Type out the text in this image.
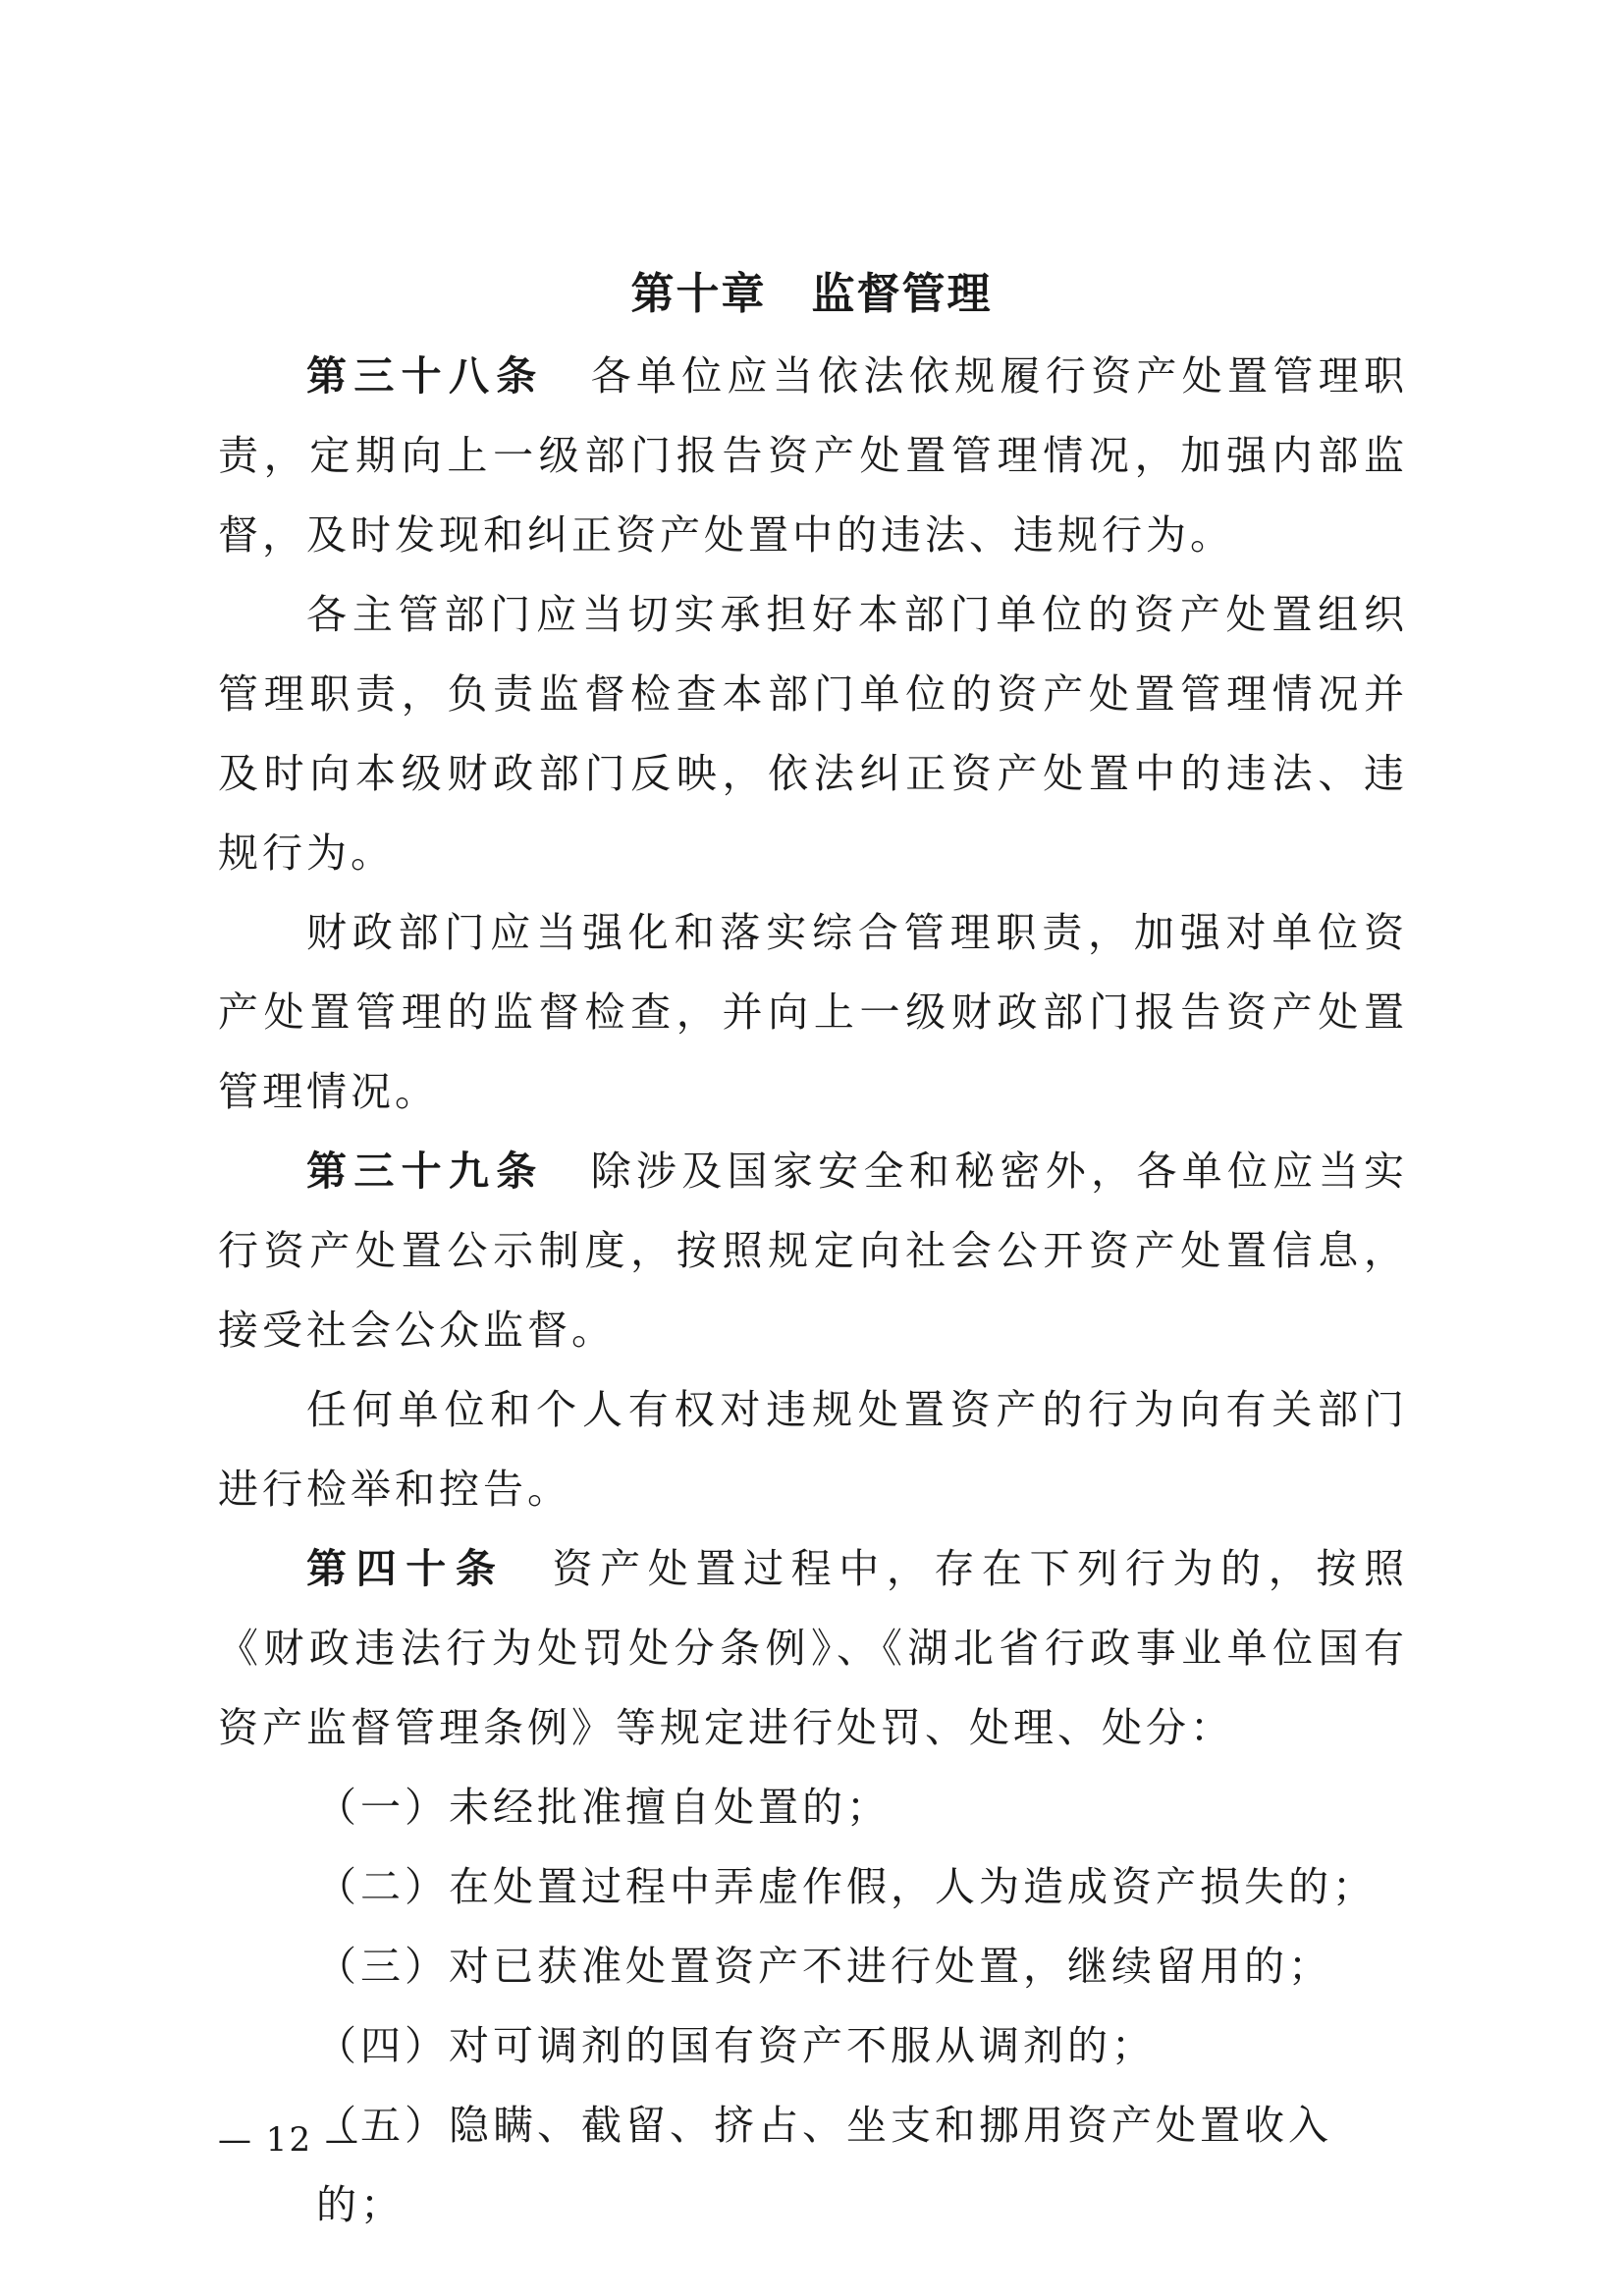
第十章　监督管理

第三十八条 各单位应当依法依规履行资产处置管理职责，定期向上一级部门报告资产处置管理情况，加强内部监督，及时发现和纠正资产处置中的违法、违规行为。

各主管部门应当切实承担好本部门单位的资产处置组织管理职责，负责监督检查本部门单位的资产处置管理情况并及时向本级财政部门反映，依法纠正资产处置中的违法、违规行为。

财政部门应当强化和落实综合管理职责，加强对单位资产处置管理的监督检查，并向上一级财政部门报告资产处置管理情况。

第三十九条 除涉及国家安全和秘密外，各单位应当实行资产处置公示制度，按照规定向社会公开资产处置信息，接受社会公众监督。

任何单位和个人有权对违规处置资产的行为向有关部门进行检举和控告。

第四十条 资产处置过程中，存在下列行为的，按照《财政违法行为处罚处分条例》、《湖北省行政事业单位国有资产监督管理条例》等规定进行处罚、处理、处分：

（一）未经批准擅自处置的；

（二）在处置过程中弄虚作假，人为造成资产损失的；

（三）对已获准处置资产不进行处置，继续留用的；

（四）对可调剂的国有资产不服从调剂的；

（五）隐瞒、截留、挤占、坐支和挪用资产处置收入的；

— 12 —
